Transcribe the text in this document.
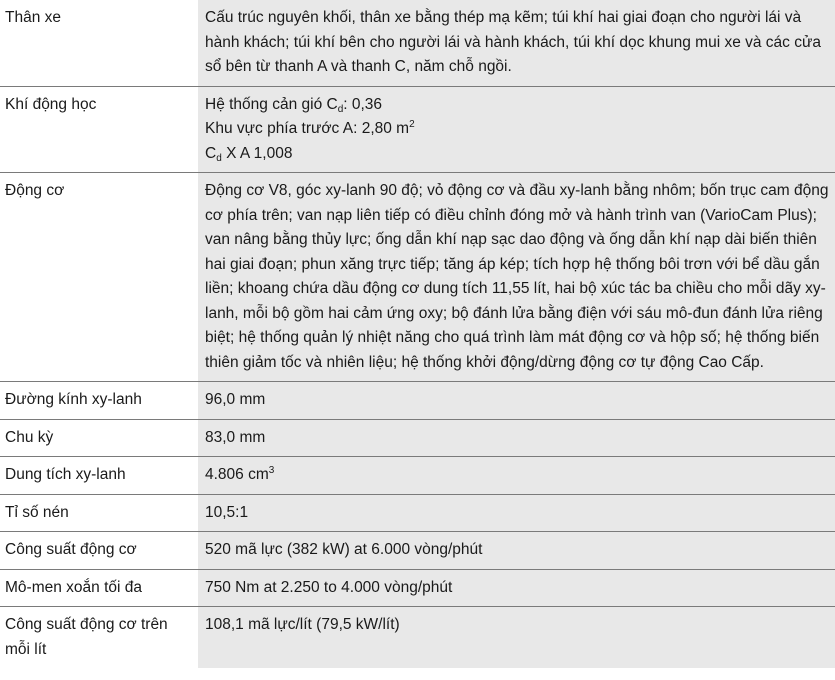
Thân xe	Cấu trúc nguyên khối, thân xe bằng thép mạ kẽm; túi khí hai giai đoạn cho người lái và hành khách; túi khí bên cho người lái và hành khách, túi khí dọc khung mui xe và các cửa sổ bên từ thanh A và thanh C, năm chỗ ngồi.

Khí động học	Hệ thống cản gió $C_d$: 0,36
Khu vực phía trước A: 2,80 $m^2$
$C_d$ X A 1,008

Động cơ	Động cơ V8, góc xy-lanh 90 độ; vỏ động cơ và đầu xy-lanh bằng nhôm; bốn trục cam động cơ phía trên; van nạp liên tiếp có điều chỉnh đóng mở và hành trình van (VarioCam Plus); van nâng bằng thủy lực; ống dẫn khí nạp sạc dao động và ống dẫn khí nạp dài biến thiên hai giai đoạn; phun xăng trực tiếp; tăng áp kép; tích hợp hệ thống bôi trơn với bể dầu gắn liền; khoang chứa dầu động cơ dung tích 11,55 lít, hai bộ xúc tác ba chiều cho mỗi dãy xy-lanh, mỗi bộ gồm hai cảm ứng oxy; bộ đánh lửa bằng điện với sáu mô-đun đánh lửa riêng biệt; hệ thống quản lý nhiệt năng cho quá trình làm mát động cơ và hộp số; hệ thống biến thiên giảm tốc và nhiên liệu; hệ thống khởi động/dừng động cơ tự động Cao Cấp.

Đường kính xy-lanh	96,0 mm

Chu kỳ	83,0 mm

Dung tích xy-lanh	4.806 $cm^3$

Tỉ số nén	10,5:1

Công suất động cơ	520 mã lực (382 kW) at 6.000 vòng/phút

Mô-men xoắn tối đa	750 Nm at 2.250 to 4.000 vòng/phút

Công suất động cơ trên mỗi lít	108,1 mã lực/lít (79,5 kW/lít)
